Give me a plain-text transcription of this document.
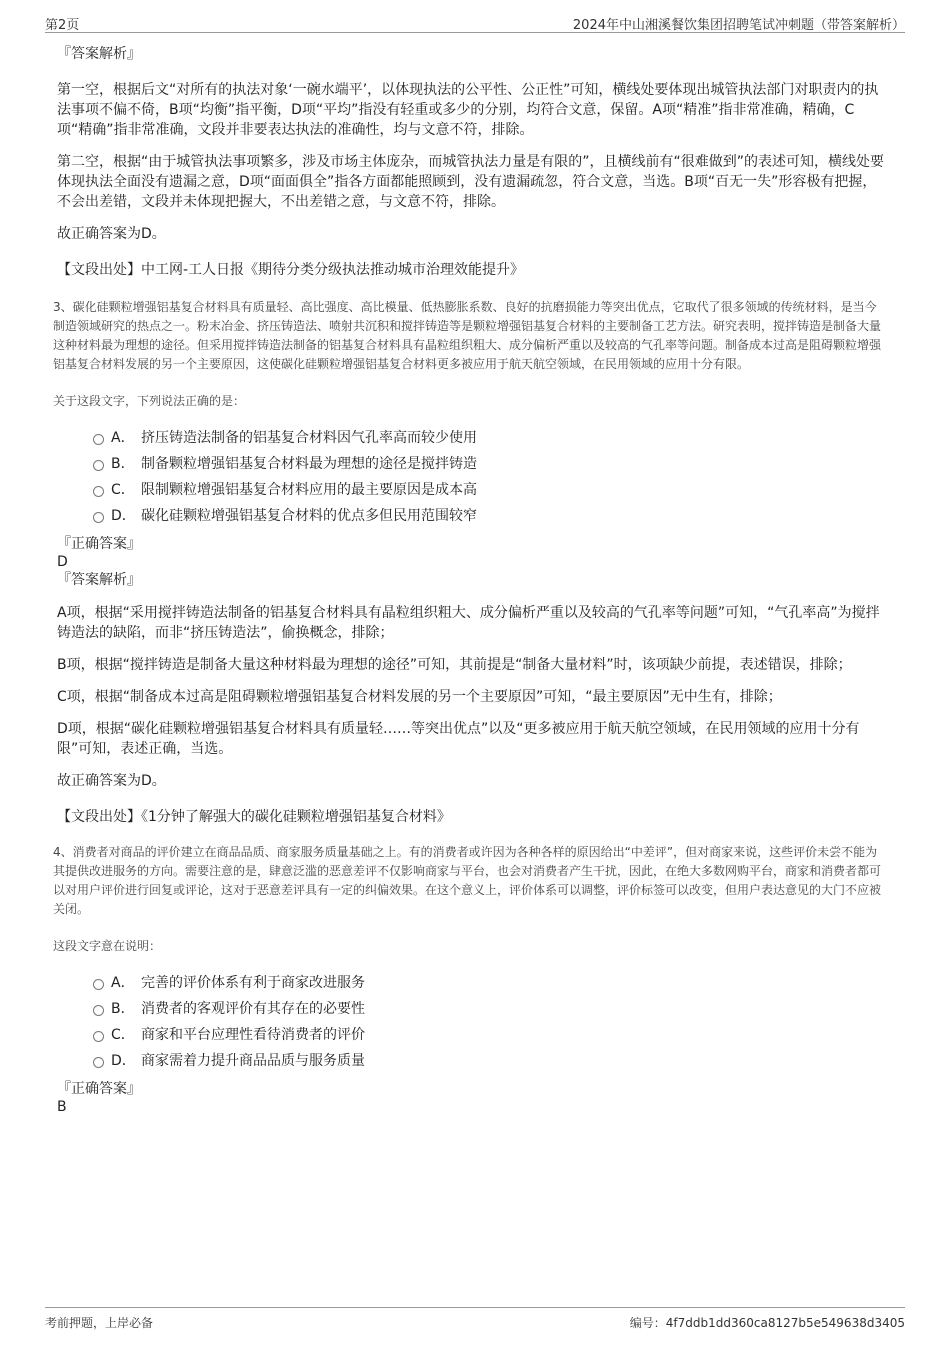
第2页	2024年中山湘溪餐饮集团招聘笔试冲刺题（带答案解析）

『答案解析』

第一空，根据后文“对所有的执法对象‘一碗水端平’，以体现执法的公平性、公正性”可知，横线处要体现出城管执法部门对职责内的执法事项不偏不倚，B项“均衡”指平衡，D项“平均”指没有轻重或多少的分别，均符合文意，保留。A项“精准”指非常准确，精确，C项“精确”指非常准确，文段并非要表达执法的准确性，均与文意不符，排除。

第二空，根据“由于城管执法事项繁多，涉及市场主体庞杂，而城管执法力量是有限的”，且横线前有“很难做到”的表述可知，横线处要体现执法全面没有遗漏之意，D项“面面俱全”指各方面都能照顾到，没有遗漏疏忽，符合文意，当选。B项“百无一失”形容极有把握，不会出差错，文段并未体现把握大，不出差错之意，与文意不符，排除。

故正确答案为D。

【文段出处】中工网-工人日报《期待分类分级执法推动城市治理效能提升》

3、碳化硅颗粒增强铝基复合材料具有质量轻、高比强度、高比模量、低热膨胀系数、良好的抗磨损能力等突出优点，它取代了很多领域的传统材料，是当今制造领域研究的热点之一。粉末冶金、挤压铸造法、喷射共沉积和搅拌铸造等是颗粒增强铝基复合材料的主要制备工艺方法。研究表明，搅拌铸造是制备大量这种材料最为理想的途径。但采用搅拌铸造法制备的铝基复合材料具有晶粒组织粗大、成分偏析严重以及较高的气孔率等问题。制备成本过高是阻碍颗粒增强铝基复合材料发展的另一个主要原因，这使碳化硅颗粒增强铝基复合材料更多被应用于航天航空领域，在民用领域的应用十分有限。

关于这段文字，下列说法正确的是：

A． 挤压铸造法制备的铝基复合材料因气孔率高而较少使用
B． 制备颗粒增强铝基复合材料最为理想的途径是搅拌铸造
C． 限制颗粒增强铝基复合材料应用的最主要原因是成本高
D． 碳化硅颗粒增强铝基复合材料的优点多但民用范围较窄

『正确答案』

D

『答案解析』

A项，根据“采用搅拌铸造法制备的铝基复合材料具有晶粒组织粗大、成分偏析严重以及较高的气孔率等问题”可知，“气孔率高”为搅拌铸造法的缺陷，而非“挤压铸造法”，偷换概念，排除；

B项，根据“搅拌铸造是制备大量这种材料最为理想的途径”可知，其前提是“制备大量材料”时，该项缺少前提，表述错误，排除；

C项，根据“制备成本过高是阻碍颗粒增强铝基复合材料发展的另一个主要原因”可知，“最主要原因”无中生有，排除；

D项，根据“碳化硅颗粒增强铝基复合材料具有质量轻……等突出优点”以及“更多被应用于航天航空领域，在民用领域的应用十分有限”可知，表述正确，当选。

故正确答案为D。

【文段出处】《1分钟了解强大的碳化硅颗粒增强铝基复合材料》

4、消费者对商品的评价建立在商品品质、商家服务质量基础之上。有的消费者或许因为各种各样的原因给出“中差评”，但对商家来说，这些评价未尝不能为其提供改进服务的方向。需要注意的是，肆意泛滥的恶意差评不仅影响商家与平台，也会对消费者产生干扰，因此，在绝大多数网购平台，商家和消费者都可以对用户评价进行回复或评论，这对于恶意差评具有一定的纠偏效果。在这个意义上，评价体系可以调整，评价标签可以改变，但用户表达意见的大门不应被关闭。

这段文字意在说明：

A． 完善的评价体系有利于商家改进服务
B． 消费者的客观评价有其存在的必要性
C． 商家和平台应理性看待消费者的评价
D． 商家需着力提升商品品质与服务质量

『正确答案』

B

考前押题，上岸必备	编号：4f7ddb1dd360ca8127b5e549638d3405
